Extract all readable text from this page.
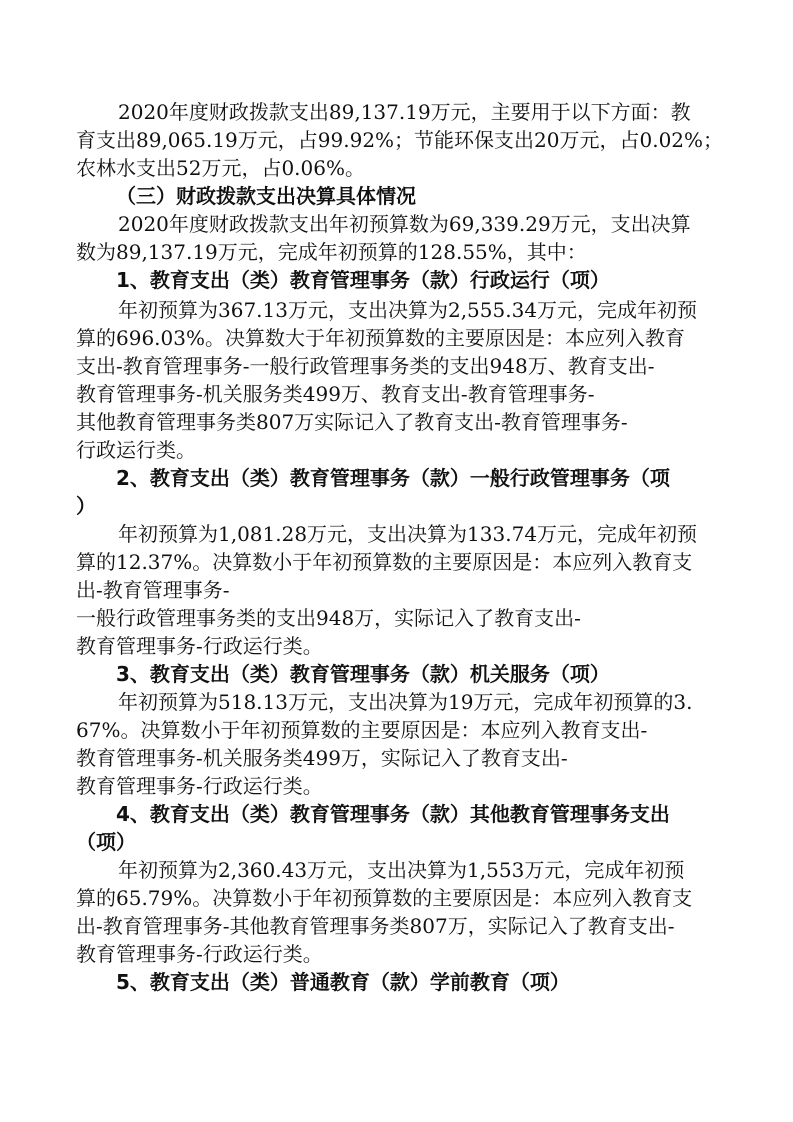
2020年度财政拨款支出89,137.19万元，主要用于以下方面：教
育支出89,065.19万元，占99.92%；节能环保支出20万元，占0.02%；
农林水支出52万元，占0.06%。
（三）财政拨款支出决算具体情况
2020年度财政拨款支出年初预算数为69,339.29万元，支出决算
数为89,137.19万元，完成年初预算的128.55%，其中：
1、教育支出（类）教育管理事务（款）行政运行（项）
年初预算为367.13万元，支出决算为2,555.34万元，完成年初预
算的696.03%。决算数大于年初预算数的主要原因是：本应列入教育
支出-教育管理事务-一般行政管理事务类的支出948万、教育支出-
教育管理事务-机关服务类499万、教育支出-教育管理事务-
其他教育管理事务类807万实际记入了教育支出-教育管理事务-
行政运行类。
2、教育支出（类）教育管理事务（款）一般行政管理事务（项
）
年初预算为1,081.28万元，支出决算为133.74万元，完成年初预
算的12.37%。决算数小于年初预算数的主要原因是：本应列入教育支
出-教育管理事务-
一般行政管理事务类的支出948万，实际记入了教育支出-
教育管理事务-行政运行类。
3、教育支出（类）教育管理事务（款）机关服务（项）
年初预算为518.13万元，支出决算为19万元，完成年初预算的3.
67%。决算数小于年初预算数的主要原因是：本应列入教育支出-
教育管理事务-机关服务类499万，实际记入了教育支出-
教育管理事务-行政运行类。
4、教育支出（类）教育管理事务（款）其他教育管理事务支出
（项）
年初预算为2,360.43万元，支出决算为1,553万元，完成年初预
算的65.79%。决算数小于年初预算数的主要原因是：本应列入教育支
出-教育管理事务-其他教育管理事务类807万，实际记入了教育支出-
教育管理事务-行政运行类。
5、教育支出（类）普通教育（款）学前教育（项）
